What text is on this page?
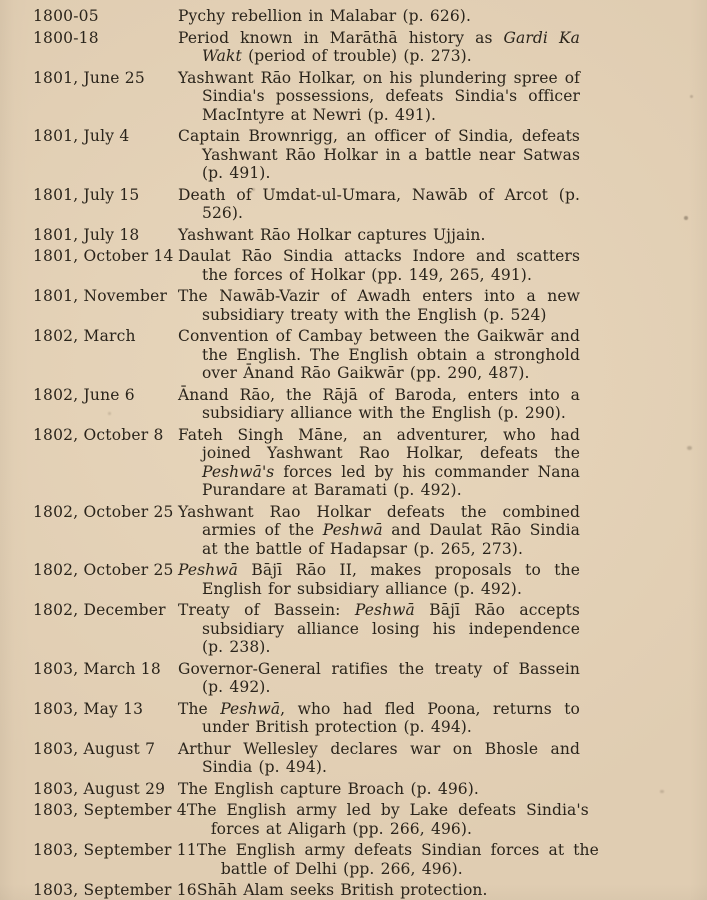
1800-05	Pychy rebellion in Malabar (p. 626).
1800-18	Period known in Marāthā history as Gardi Ka Wakt (period of trouble) (p. 273).
1801, June 25	Yashwant Rāo Holkar, on his plundering spree of Sindia's possessions, defeats Sindia's officer MacIntyre at Newri (p. 491).
1801, July 4	Captain Brownrigg, an officer of Sindia, defeats Yashwant Rāo Holkar in a battle near Satwas (p. 491).
1801, July 15	Death of Umdat-ul-Umara, Nawāb of Arcot (p. 526).
1801, July 18	Yashwant Rāo Holkar captures Ujjain.
1801, October 14 Daulat Rāo Sindia attacks Indore and scatters the forces of Holkar (pp. 149, 265, 491).
1801, November The Nawāb-Vazir of Awadh enters into a new subsidiary treaty with the English (p. 524)
1802, March	Convention of Cambay between the Gaikwār and the English. The English obtain a stronghold over Ānand Rāo Gaikwār (pp. 290, 487).
1802, June 6	Ānand Rāo, the Rājā of Baroda, enters into a subsidiary alliance with the English (p. 290).
1802, October 8 Fateh Singh Māne, an adventurer, who had joined Yashwant Rao Holkar, defeats the Peshwā's forces led by his commander Nana Purandare at Baramati (p. 492).
1802, October 25 Yashwant Rao Holkar defeats the combined armies of the Peshwā and Daulat Rāo Sindia at the battle of Hadapsar (p. 265, 273).
1802, October 25 Peshwā Bājī Rāo II, makes proposals to the English for subsidiary alliance (p. 492).
1802, December Treaty of Bassein: Peshwā Bājī Rāo accepts subsidiary alliance losing his independence (p. 238).
1803, March 18	Governor-General ratifies the treaty of Bassein (p. 492).
1803, May 13	The Peshwā, who had fled Poona, returns to under British protection (p. 494).
1803, August 7	Arthur Wellesley declares war on Bhosle and Sindia (p. 494).
1803, August 29 The English capture Broach (p. 496).
1803, September 4 The English army led by Lake defeats Sindia's forces at Aligarh (pp. 266, 496).
1803, September 11 The English army defeats Sindian forces at the battle of Delhi (pp. 266, 496).
1803, September 16 Shāh Alam seeks British protection.
